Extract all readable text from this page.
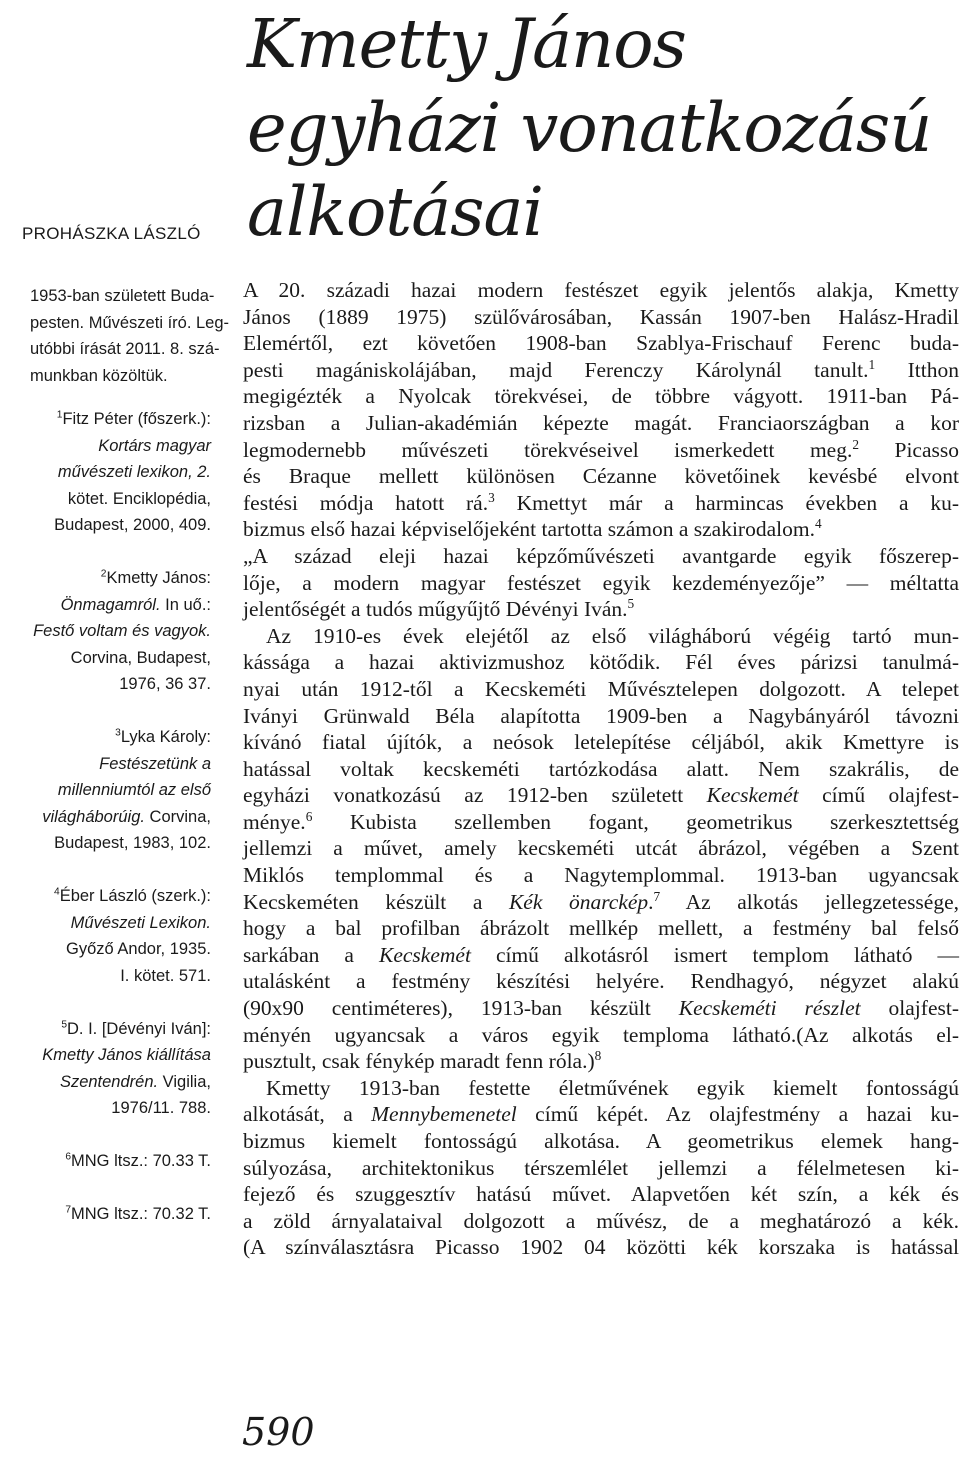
Kmetty János
egyházi vonatkozású
alkotásai
PROHÁSZKA LÁSZLÓ
1953-ban született Buda-
pesten. Művészeti író. Leg-
utóbbi írását 2011. 8. szá-
munkban közöltük.
$^1$Fitz Péter (főszerk.):
Kortárs magyar
művészeti lexikon, 2.
kötet. Enciklopédia,
Budapest, 2000, 409.
$^2$Kmetty János:
Önmagamról. In uő.:
Festő voltam és vagyok.
Corvina, Budapest,
1976, 36 37.
$^3$Lyka Károly:
Festészetünk a
millenniumtól az első
világháborúig. Corvina,
Budapest, 1983, 102.
$^4$Éber László (szerk.):
Művészeti Lexikon.
Győző Andor, 1935.
I. kötet. 571.
$^5$D. I. [Dévényi Iván]:
Kmetty János kiállítása
Szentendrén. Vigilia,
1976/11. 788.
$^6$MNG ltsz.: 70.33 T.
$^7$MNG ltsz.: 70.32 T.
A 20. századi hazai modern festészet egyik jelentős alakja, Kmetty
János (1889 1975) szülővárosában, Kassán 1907-ben Halász-Hradil
Elemértől, ezt követően 1908-ban Szablya-Frischauf Ferenc buda-
pesti magániskolájában, majd Ferenczy Károlynál tanult.$^1$ Itthon
megigézték a Nyolcak törekvései, de többre vágyott. 1911-ban Pá-
rizsban a Julian-akadémián képezte magát. Franciaországban a kor
legmodernebb művészeti törekvéseivel ismerkedett meg.$^2$ Picasso
és Braque mellett különösen Cézanne követőinek kevésbé elvont
festési módja hatott rá.$^3$ Kmettyt már a harmincas években a ku-
bizmus első hazai képviselőjeként tartotta számon a szakirodalom.$^4$
„A század eleji hazai képzőművészeti avantgarde egyik főszerep-
lője, a modern magyar festészet egyik kezdeményezője” — méltatta
jelentőségét a tudós műgyűjtő Dévényi Iván.$^5$
Az 1910-es évek elejétől az első világháború végéig tartó mun-
kássága a hazai aktivizmushoz kötődik. Fél éves párizsi tanulmá-
nyai után 1912-től a Kecskeméti Művésztelepen dolgozott. A telepet
Iványi Grünwald Béla alapította 1909-ben a Nagybányáról távozni
kívánó fiatal újítók, a neósok letelepítése céljából, akik Kmettyre is
hatással voltak kecskeméti tartózkodása alatt. Nem szakrális, de
egyházi vonatkozású az 1912-ben született Kecskemét című olajfest-
ménye.$^6$ Kubista szellemben fogant, geometrikus szerkesztettség
jellemzi a művet, amely kecskeméti utcát ábrázol, végében a Szent
Miklós templommal és a Nagytemplommal. 1913-ban ugyancsak
Kecskeméten készült a Kék önarckép.$^7$ Az alkotás jellegzetessége,
hogy a bal profilban ábrázolt mellkép mellett, a festmény bal felső
sarkában a Kecskemét című alkotásról ismert templom látható —
utalásként a festmény készítési helyére. Rendhagyó, négyzet alakú
(90x90 centiméteres), 1913-ban készült Kecskeméti részlet olajfest-
ményén ugyancsak a város egyik temploma látható.(Az alkotás el-
pusztult, csak fénykép maradt fenn róla.)$^8$
Kmetty 1913-ban festette életművének egyik kiemelt fontosságú
alkotását, a Mennybemenetel című képét. Az olajfestmény a hazai ku-
bizmus kiemelt fontosságú alkotása. A geometrikus elemek hang-
súlyozása, architektonikus térszemlélet jellemzi a félelmetesen ki-
fejező és szuggesztív hatású művet. Alapvetően két szín, a kék és
a zöld árnyalataival dolgozott a művész, de a meghatározó a kék.
(A színválasztásra Picasso 1902 04 közötti kék korszaka is hatással
590
